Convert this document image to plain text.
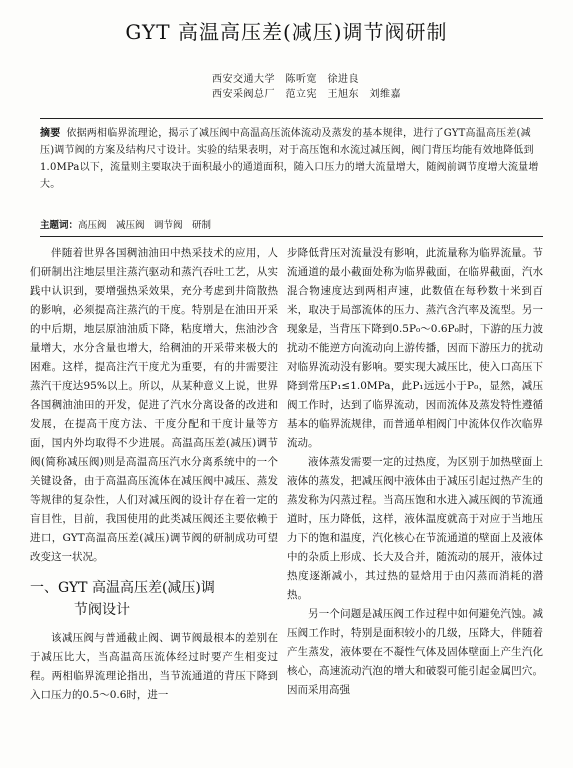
GYT 高温高压差(减压)调节阀研制
西安交通大学　陈听宽　徐进良
西安采阀总厂　范立宪　王旭东　刘维嘉
摘要 依据两相临界流理论，揭示了减压阀中高温高压流体流动及蒸发的基本规律，进行了GYT高温高压差(减压)调节阀的方案及结构尺寸设计。实验的结果表明，对于高压饱和水流过减压阀，阀门背压均能有效地降低到1.0MPa以下，流量则主要取决于面积最小的通道面积，随入口压力的增大流量增大，随阀前调节度增大流量增大。
主题词：高压阀　减压阀　调节阀　研制

伴随着世界各国稠油油田中热采技术的应用，人们研制出注地层里注蒸汽驱动和蒸汽吞吐工艺，从实践中认识到，要增强热采效果，充分考虑到井筒散热的影响，必须提高注蒸汽的干度。特别是在油田开采的中后期，地层原油油质下降，粘度增大，焦油沙含量增大，水分含量也增大，给稠油的开采带来极大的困难。这样，提高注汽干度尤为重要，有的井需要注蒸汽干度达95%以上。所以，从某种意义上说，世界各国稠油油田的开发，促进了汽水分离设备的改进和发展，在提高干度方法、干度分配和干度计量等方面，国内外均取得不少进展。高温高压差(减压)调节阀(简称减压阀)则是高温高压汽水分离系统中的一个关键设备，由于高温高压流体在减压阀中减压、蒸发等规律的复杂性，人们对减压阀的设计存在着一定的盲目性，目前，我国使用的此类减压阀还主要依赖于进口，GYT高温高压差(减压)调节阀的研制成功可望改变这一状况。

一、GYT 高温高压差(减压)调
节阀设计

该减压阀与普通截止阀、调节阀最根本的差别在于减压比大，当高温高压流体经过时要产生相变过程。两相临界流理论指出，当节流通道的背压下降到入口压力的0.5～0.6时，进一

步降低背压对流量没有影响，此流量称为临界流量。节流通道的最小截面处称为临界截面，在临界截面，汽水混合物速度达到两相声速，此数值在每秒数十米到百米，取决于局部流体的压力、蒸汽含汽率及流型。另一现象是，当背压下降到0.5P₀～0.6P₀时，下游的压力波扰动不能逆方向流动向上游传播，因而下游压力的扰动对临界流动没有影响。要实现大减压比，使入口高压下降到常压P₁≤1.0MPa，此P₁远远小于P₀，显然，减压阀工作时，达到了临界流动，因而流体及蒸发特性遵循基本的临界流规律，而普通单相阀门中流体仅作次临界流动。

液体蒸发需要一定的过热度，为区别于加热壁面上液体的蒸发，把减压阀中液体由于减压引起过热产生的蒸发称为闪蒸过程。当高压饱和水进入减压阀的节流通道时，压力降低，这样，液体温度就高于对应于当地压力下的饱和温度，汽化核心在节流通道的壁面上及液体中的杂质上形成、长大及合并，随流动的展开，液体过热度逐渐减小，其过热的显焓用于由闪蒸而消耗的潜热。

另一个问题是减压阀工作过程中如何避免汽蚀。减压阀工作时，特别是面积较小的几级，压降大，伴随着产生蒸发，液体要在不凝性气体及固体壁面上产生汽化核心，高速流动汽泡的增大和破裂可能引起金属凹穴。因而采用高强
